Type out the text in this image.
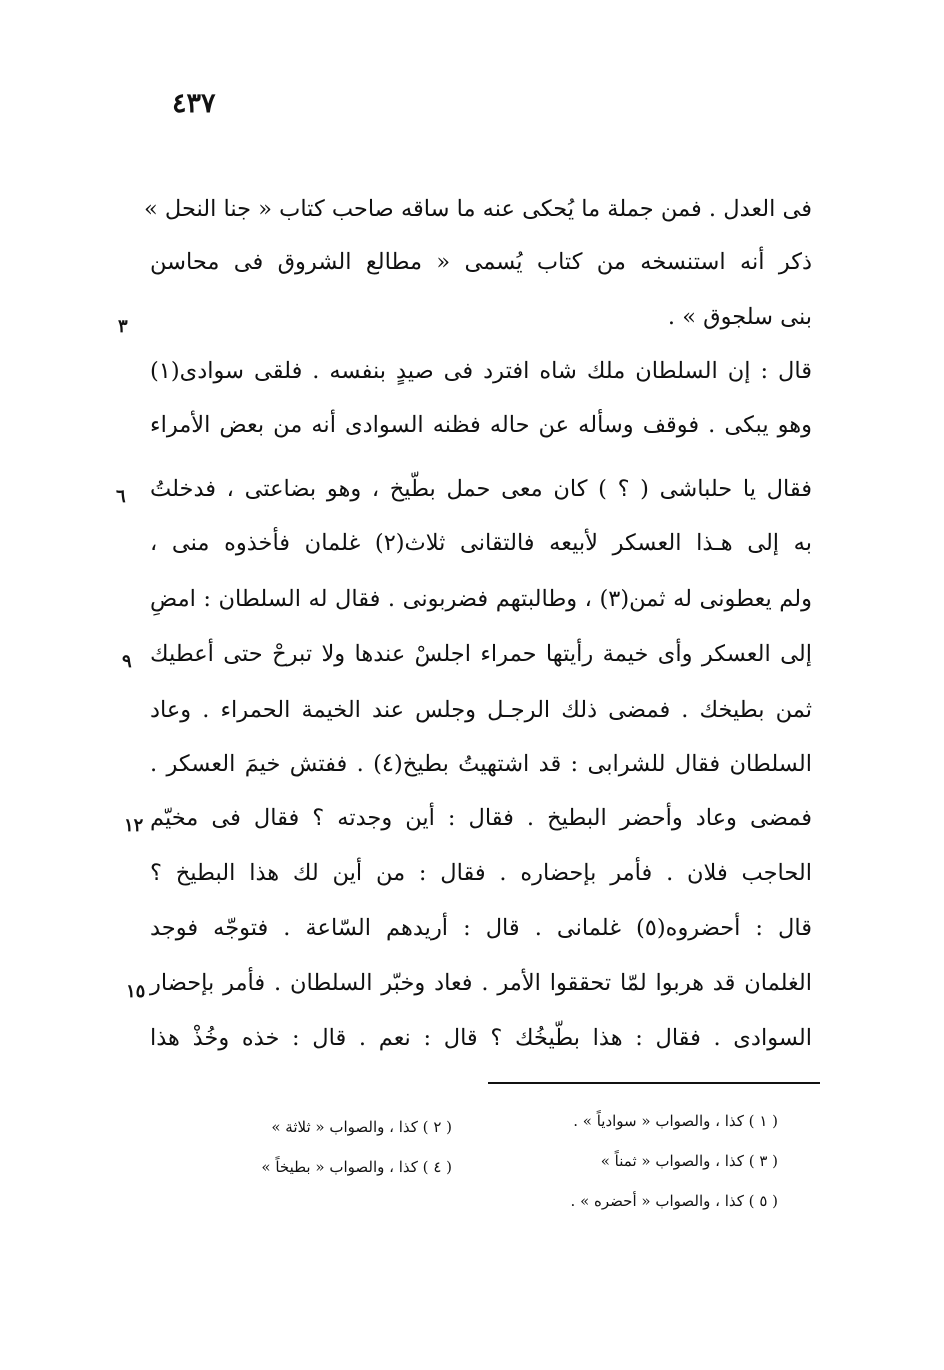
٤٣٧
فى العدل . فمن جملة ما يُحكى عنه ما ساقه صاحب كتاب « جنا النحل »
ذكر أنه استنسخه من كتاب يُسمى « مطالع الشروق فى محاسن
بنى سلجوق » .
قال : إن السلطان ملك شاه افترد فى صيدٍ بنفسه . فلقى سوادى(١)
وهو يبكى . فوقف وسأله عن حاله فظنه السوادى أنه من بعض الأمراء
فقال يا حلباشى ( ؟ ) كان معى حمل بطّيخ ، وهو بضاعتى ، فدخلتُ
به إلى هـذا العسكر لأبيعه فالتقانى ثلاث(٢) غلمان فأخذوه منى ،
ولم يعطونى له ثمن(٣) ، وطالبتهم فضربونى . فقال له السلطان : امضِ
إلى العسكر وأى خيمة رأيتها حمراء اجلسْ عندها ولا تبرحْ حتى أعطيك
ثمن بطيخك . فمضى ذلك الرجـل وجلس عند الخيمة الحمراء . وعاد
السلطان فقال للشرابى : قد اشتهيتُ بطيخ(٤) . ففتش خيمَ العسكر .
فمضى وعاد وأحضر البطيخ . فقال : أين وجدته ؟ فقال فى مخيّم
الحاجب فلان . فأمر بإحضاره . فقال : من أين لك هذا البطيخ ؟
قال : أحضروه(٥) غلمانى . قال : أريدهم السّاعة . فتوجّه فوجد
الغلمان قد هربوا لمّا تحققوا الأمر . فعاد وخبّر السلطان . فأمر بإحضار
السوادى . فقال : هذا بطّيخُك ؟ قال : نعم . قال : خذه وخُذْ هذا
٣
٦
٩
١٢
١٥
( ١ ) كذا ، والصواب « سوادياً » .
( ٢ ) كذا ، والصواب « ثلاثة »
( ٣ ) كذا ، والصواب « ثمناً »
( ٤ ) كذا ، والصواب « بطيخاً »
( ٥ ) كذا ، والصواب « أحضره » .
